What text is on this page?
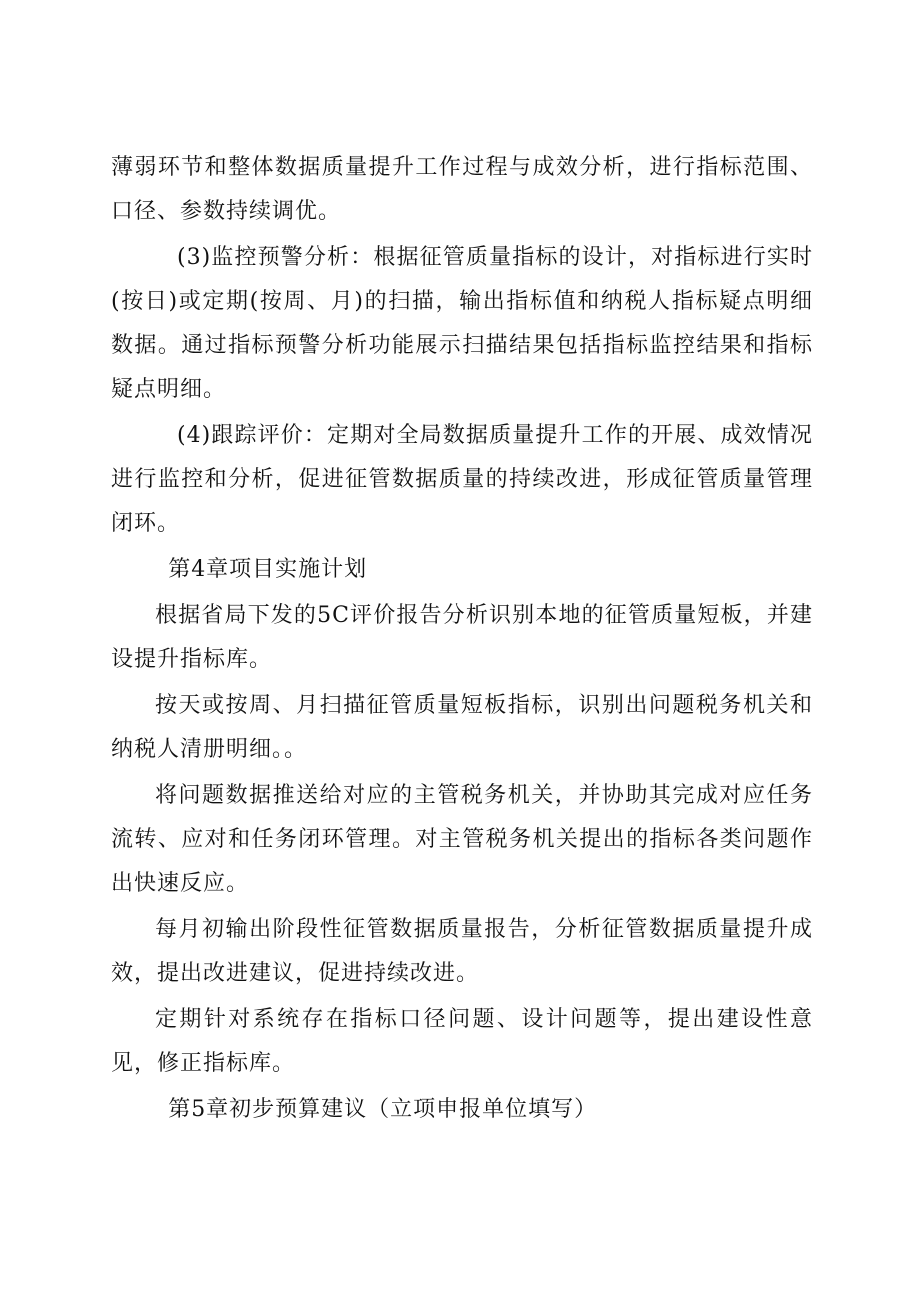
薄弱环节和整体数据质量提升工作过程与成效分析，进行指标范围、口径、参数持续调优。

(3)监控预警分析：根据征管质量指标的设计，对指标进行实时(按日)或定期(按周、月)的扫描，输出指标值和纳税人指标疑点明细数据。通过指标预警分析功能展示扫描结果包括指标监控结果和指标疑点明细。

(4)跟踪评价：定期对全局数据质量提升工作的开展、成效情况进行监控和分析，促进征管数据质量的持续改进，形成征管质量管理闭环。

第4章项目实施计划

根据省局下发的5C评价报告分析识别本地的征管质量短板，并建设提升指标库。

按天或按周、月扫描征管质量短板指标，识别出问题税务机关和纳税人清册明细。。

将问题数据推送给对应的主管税务机关，并协助其完成对应任务流转、应对和任务闭环管理。对主管税务机关提出的指标各类问题作出快速反应。

每月初输出阶段性征管数据质量报告，分析征管数据质量提升成效，提出改进建议，促进持续改进。

定期针对系统存在指标口径问题、设计问题等，提出建设性意见，修正指标库。

第5章初步预算建议（立项申报单位填写）
